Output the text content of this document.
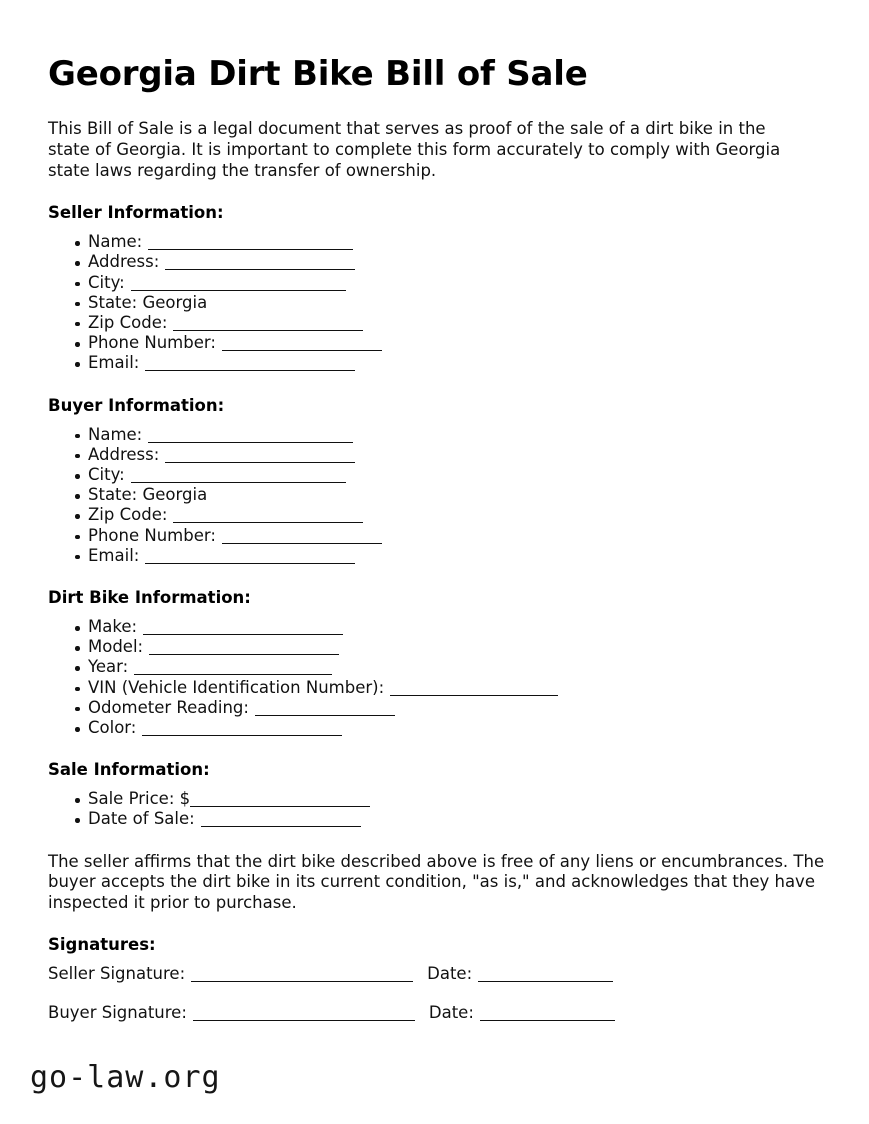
Georgia Dirt Bike Bill of Sale

This Bill of Sale is a legal document that serves as proof of the sale of a dirt bike in the state of Georgia. It is important to complete this form accurately to comply with Georgia state laws regarding the transfer of ownership.

Seller Information:
Name:
Address:
City:
State: Georgia
Zip Code:
Phone Number:
Email:
Buyer Information:
Name:
Address:
City:
State: Georgia
Zip Code:
Phone Number:
Email:
Dirt Bike Information:
Make:
Model:
Year:
VIN (Vehicle Identification Number):
Odometer Reading:
Color:
Sale Information:
Sale Price: $
Date of Sale:

The seller affirms that the dirt bike described above is free of any liens or encumbrances. The buyer accepts the dirt bike in its current condition, "as is," and acknowledges that they have inspected it prior to purchase.

Signatures:
Seller Signature:	Date:
Buyer Signature:	Date:
go-law.org
